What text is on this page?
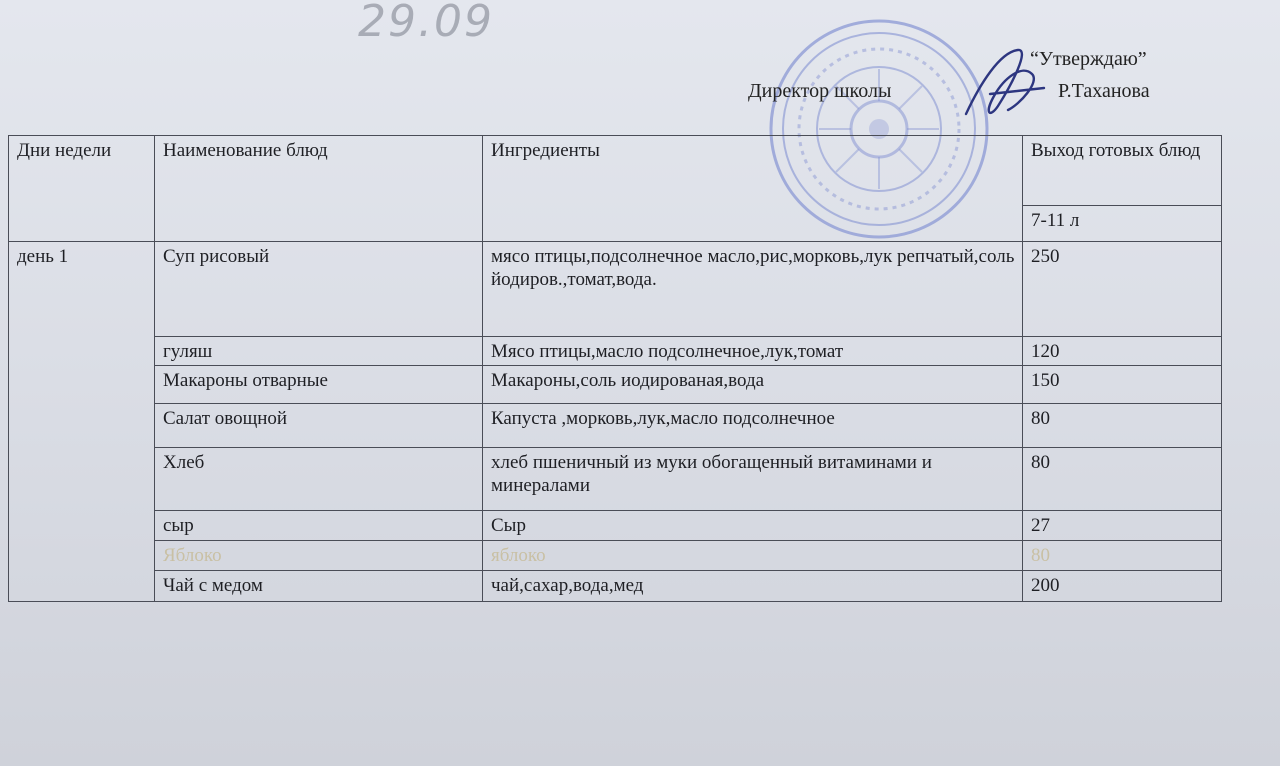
29.09
“Утверждаю”
Директор школы	Р.Таханова
Дни недели	Наименование блюд	Ингредиенты	Выход готовых блюд
			7-11 л
день 1	Суп рисовый	мясо птицы,подсолнечное масло,рис,морковь,лук репчатый,соль йодиров.,томат,вода.	250
	гуляш	Мясо птицы,масло подсолнечное,лук,томат	120
	Макароны отварные	Макароны,соль иодированая,вода	150
	Салат овощной	Капуста ,морковь,лук,масло подсолнечное	80
	Хлеб	хлеб пшеничный из муки обогащенный витаминами и минералами	80
	сыр	Сыр	27
	Яблоко	яблоко	80
	Чай с медом	чай,сахар,вода,мед	200
